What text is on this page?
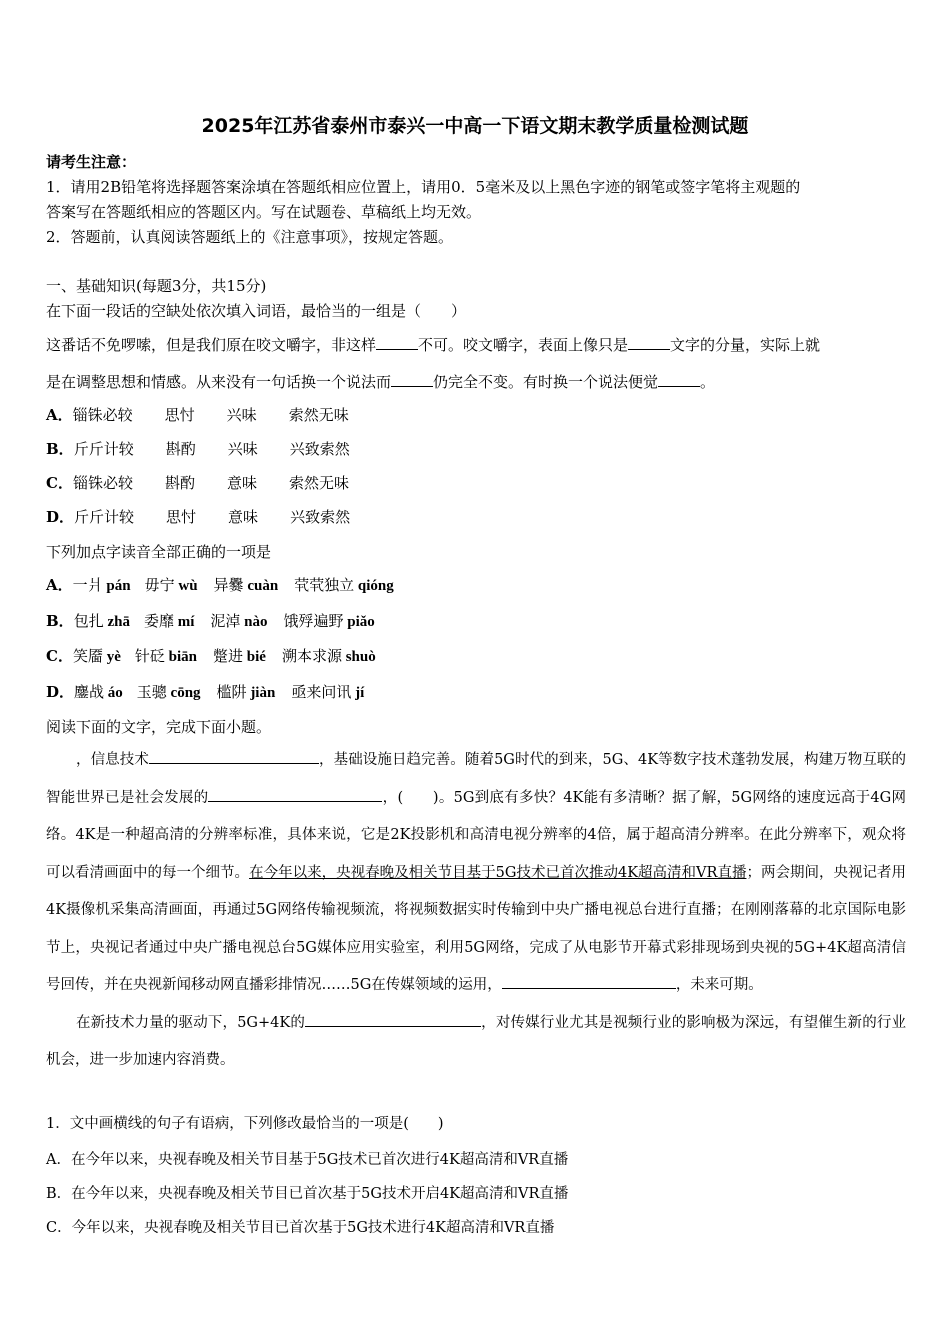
2025年江苏省泰州市泰兴一中高一下语文期末教学质量检测试题
请考生注意：
1．请用2B铅笔将选择题答案涂填在答题纸相应位置上，请用0．5毫米及以上黑色字迹的钢笔或签字笔将主观题的
答案写在答题纸相应的答题区内。写在试题卷、草稿纸上均无效。
2．答题前，认真阅读答题纸上的《注意事项》，按规定答题。
一、基础知识(每题3分，共15分)
在下面一段话的空缺处依次填入词语，最恰当的一组是（　　）
这番话不免啰嗦，但是我们原在咬文嚼字，非这样	不可。咬文嚼字，表面上像只是	文字的分量，实际上就
是在调整思想和情感。从来没有一句话换一个说法而	仍完全不变。有时换一个说法便觉	。
A．锱铢必较 思忖 兴味 索然无味
B．斤斤计较 斟酌 兴味 兴致索然
C．锱铢必较 斟酌 意味 索然无味
D．斤斤计较 思忖 意味 兴致索然
下列加点字读音全部正确的一项是
A．一爿 pán 毋宁 wù 异爨 cuàn 茕茕独立 qióng
B．包扎 zhā 委靡 mí 泥淖 nào 饿殍遍野 piǎo
C．笑靥 yè 针砭 biān 蹩进 bié 溯本求源 shuò
D．鏖战 áo 玉骢 cōng 槛阱 jiàn 亟来问讯 jí
阅读下面的文字，完成下面小题。

，信息技术	，基础设施日趋完善。随着5G时代的到来，5G、4K等数字技术蓬勃发展，构建万物互联的智能世界已是社会发展的	，(　　)。5G到底有多快？4K能有多清晰？据了解，5G网络的速度远高于4G网络。4K是一种超高清的分辨率标准，具体来说，它是2K投影机和高清电视分辨率的4倍，属于超高清分辨率。在此分辨率下，观众将可以看清画面中的每一个细节。在今年以来，央视春晚及相关节目基于5G技术已首次推动4K超高清和VR直播；两会期间，央视记者用4K摄像机采集高清画面，再通过5G网络传输视频流，将视频数据实时传输到中央广播电视总台进行直播；在刚刚落幕的北京国际电影节上，央视记者通过中央广播电视总台5G媒体应用实验室，利用5G网络，完成了从电影节开幕式彩排现场到央视的5G+4K超高清信号回传，并在央视新闻移动网直播彩排情况……5G在传媒领域的运用，	，未来可期。

在新技术力量的驱动下，5G+4K的	，对传媒行业尤其是视频行业的影响极为深远，有望催生新的行业机会，进一步加速内容消费。

1．文中画横线的句子有语病，下列修改最恰当的一项是(　　)
A．在今年以来，央视春晚及相关节目基于5G技术已首次进行4K超高清和VR直播
B．在今年以来，央视春晚及相关节目已首次基于5G技术开启4K超高清和VR直播
C．今年以来，央视春晚及相关节目已首次基于5G技术进行4K超高清和VR直播
